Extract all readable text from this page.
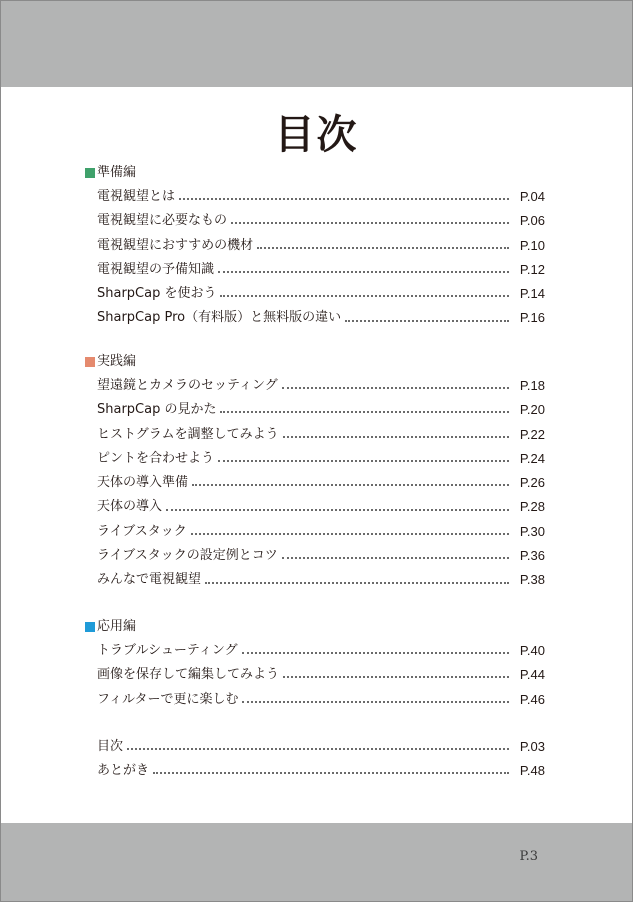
目次
準備編
電視観望とは	P.04
電視観望に必要なもの	P.06
電視観望におすすめの機材	P.10
電視観望の予備知識	P.12
SharpCap を使おう	P.14
SharpCap Pro（有料版）と無料版の違い	P.16
実践編
望遠鏡とカメラのセッティング	P.18
SharpCap の見かた	P.20
ヒストグラムを調整してみよう	P.22
ピントを合わせよう	P.24
天体の導入準備	P.26
天体の導入	P.28
ライブスタック	P.30
ライブスタックの設定例とコツ	P.36
みんなで電視観望	P.38
応用編
トラブルシューティング	P.40
画像を保存して編集してみよう	P.44
フィルターで更に楽しむ	P.46
目次	P.03
あとがき	P.48
P.3
